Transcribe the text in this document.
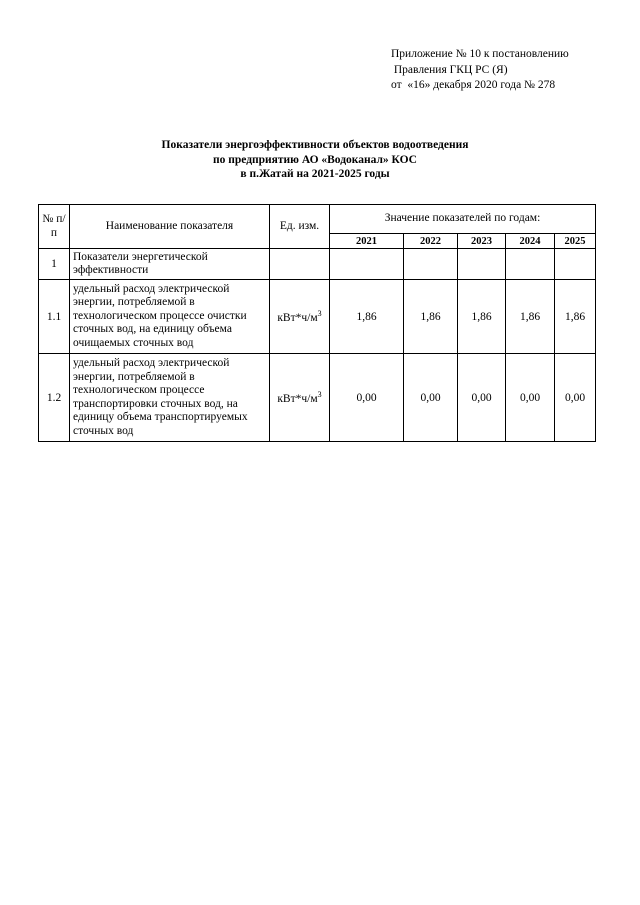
Приложение № 10 к постановлению
Правления ГКЦ РС (Я)
от  «16» декабря 2020 года № 278
Показатели энергоэффективности объектов водоотведения
по предприятию АО «Водоканал» КОС
в п.Жатай на 2021-2025 годы
№ п/п	Наименование показателя	Ед. изм.	Значение показателей по годам:				
			2021	2022	2023	2024	2025
1	Показатели энергетической эффективности						
1.1	удельный расход электрической энергии, потребляемой в технологическом процессе очистки сточных вод, на единицу объема очищаемых сточных вод	$кВт*ч/м^3$	1,86	1,86	1,86	1,86	1,86
1.2	удельный расход электрической энергии, потребляемой в технологическом процессе транспортировки сточных вод, на единицу объема транспортируемых сточных вод	$кВт*ч/м^3$	0,00	0,00	0,00	0,00	0,00
